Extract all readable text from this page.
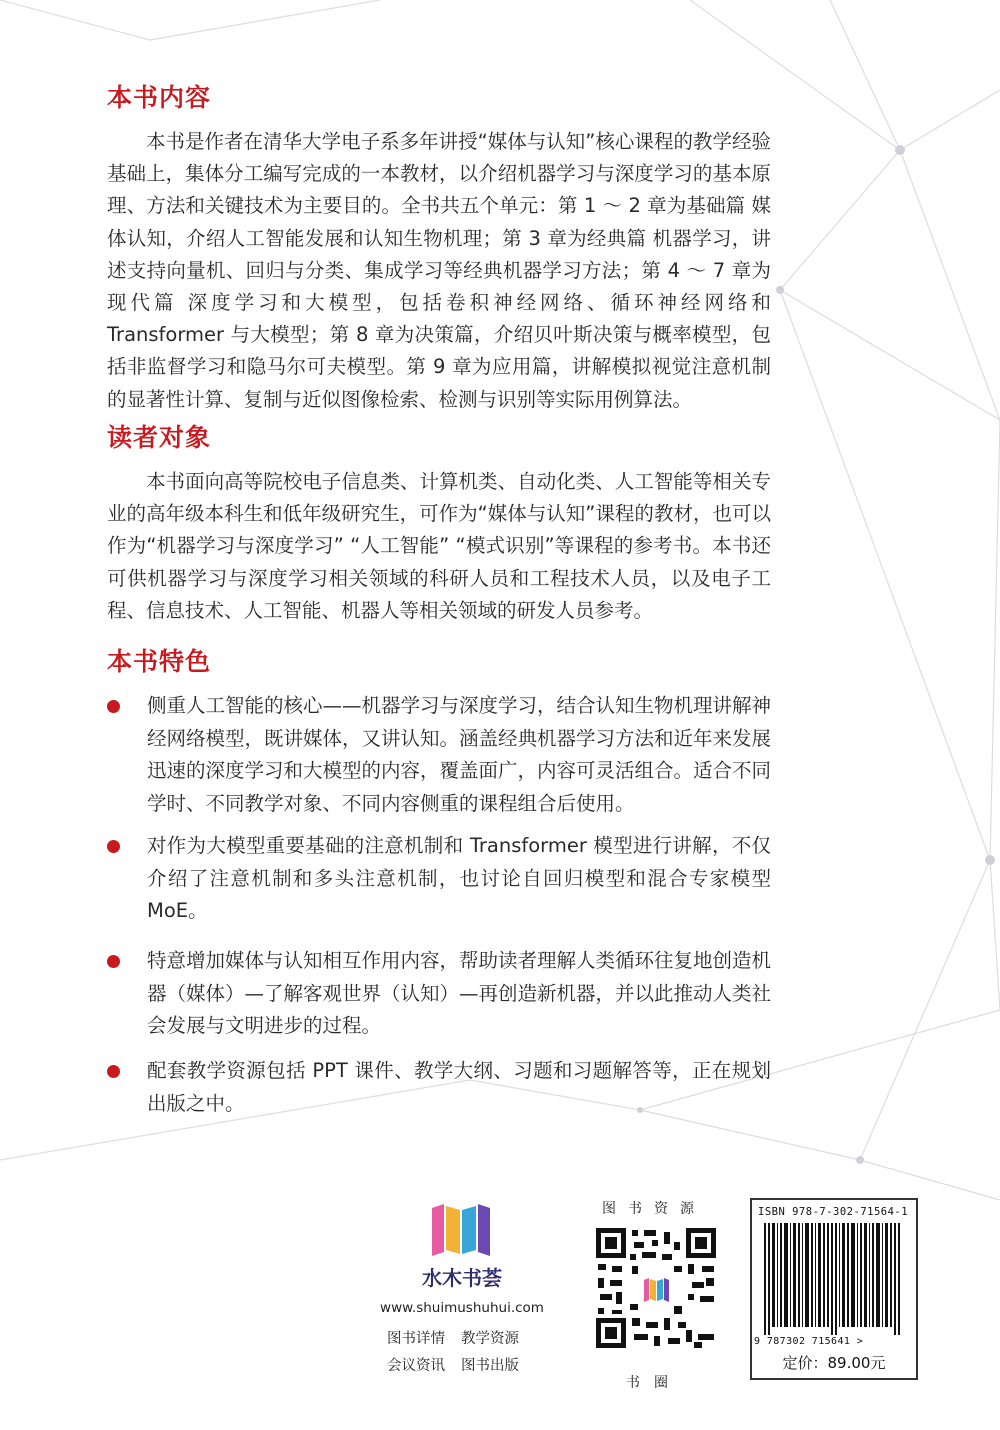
本书内容

本书是作者在清华大学电子系多年讲授“媒体与认知”核心课程的教学经验基础上，集体分工编写完成的一本教材，以介绍机器学习与深度学习的基本原理、方法和关键技术为主要目的。全书共五个单元：第 1 ～ 2 章为基础篇 媒体认知，介绍人工智能发展和认知生物机理；第 3 章为经典篇 机器学习，讲述支持向量机、回归与分类、集成学习等经典机器学习方法；第 4 ～ 7 章为现代篇 深度学习和大模型，包括卷积神经网络、循环神经网络和 Transformer 与大模型；第 8 章为决策篇，介绍贝叶斯决策与概率模型，包括非监督学习和隐马尔可夫模型。第 9 章为应用篇，讲解模拟视觉注意机制的显著性计算、复制与近似图像检索、检测与识别等实际用例算法。

读者对象

本书面向高等院校电子信息类、计算机类、自动化类、人工智能等相关专业的高年级本科生和低年级研究生，可作为“媒体与认知”课程的教材，也可以作为“机器学习与深度学习” “人工智能” “模式识别”等课程的参考书。本书还可供机器学习与深度学习相关领域的科研人员和工程技术人员，以及电子工程、信息技术、人工智能、机器人等相关领域的研发人员参考。

本书特色

侧重人工智能的核心——机器学习与深度学习，结合认知生物机理讲解神经网络模型，既讲媒体，又讲认知。涵盖经典机器学习方法和近年来发展迅速的深度学习和大模型的内容，覆盖面广，内容可灵活组合。适合不同学时、不同教学对象、不同内容侧重的课程组合后使用。

对作为大模型重要基础的注意机制和 Transformer 模型进行讲解，不仅介绍了注意机制和多头注意机制，也讨论自回归模型和混合专家模型 MoE。

特意增加媒体与认知相互作用内容，帮助读者理解人类循环往复地创造机器（媒体）—了解客观世界（认知）—再创造新机器，并以此推动人类社会发展与文明进步的过程。

配套教学资源包括 PPT 课件、教学大纲、习题和习题解答等，正在规划出版之中。

水木书荟
www.shuimushuhui.com
图书详情 教学资源
会议资讯 图书出版
图书资源
书圈
ISBN 978-7-302-71564-1
9 787302 715641 >
定价：89.00元
